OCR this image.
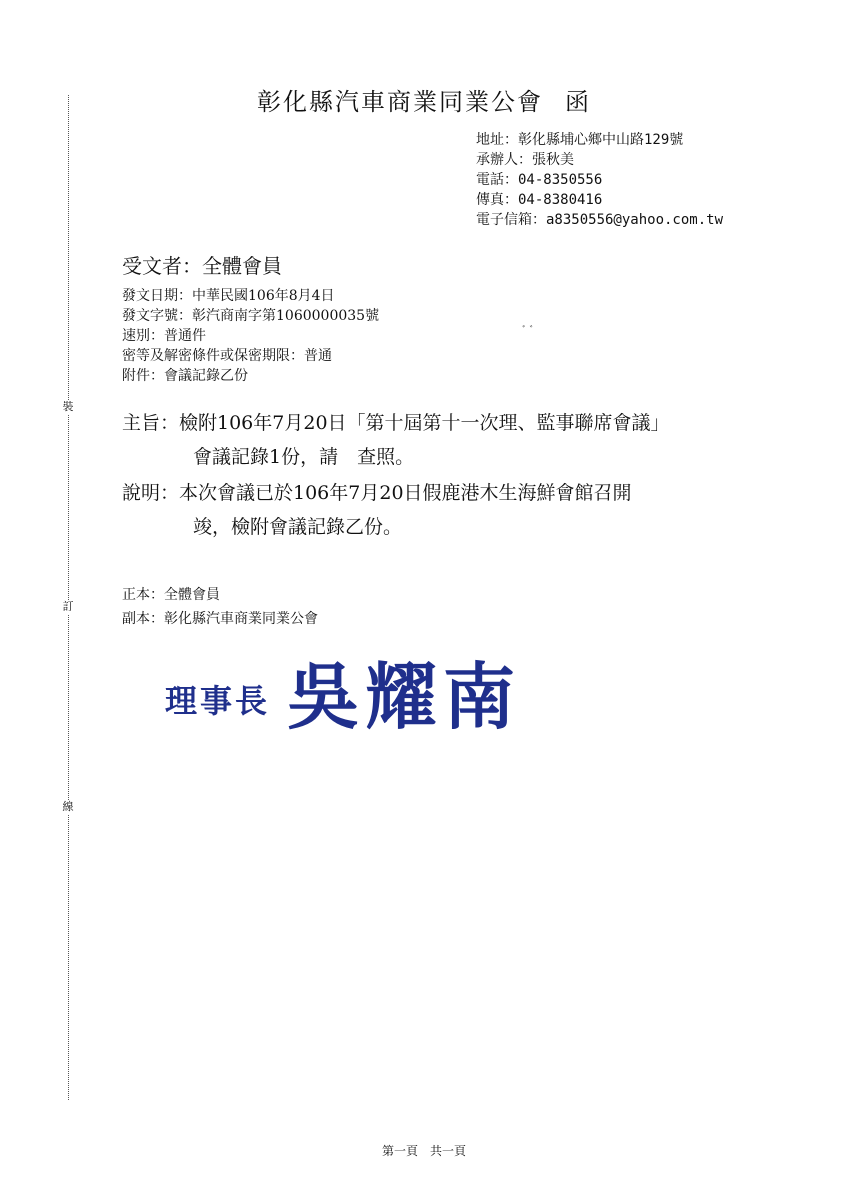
裝
訂
線
彰化縣汽車商業同業公會 函
地址：彰化縣埔心鄉中山路129號
承辦人：張秋美
電話：04-8350556
傳真：04-8380416
電子信箱：a8350556@yahoo.com.tw
受文者：全體會員
ﾞ ﾞ
發文日期：中華民國106年8月4日
發文字號：彰汽商南字第1060000035號
速別：普通件
密等及解密條件或保密期限：普通
附件：會議記錄乙份
主旨：檢附106年7月20日「第十屆第十一次理、監事聯席會議」
會議記錄1份，請　查照。
說明：本次會議已於106年7月20日假鹿港木生海鮮會館召開
竣，檢附會議記錄乙份。
正本：全體會員
副本：彰化縣汽車商業同業公會
理事長 吳耀南
第一頁　共一頁
